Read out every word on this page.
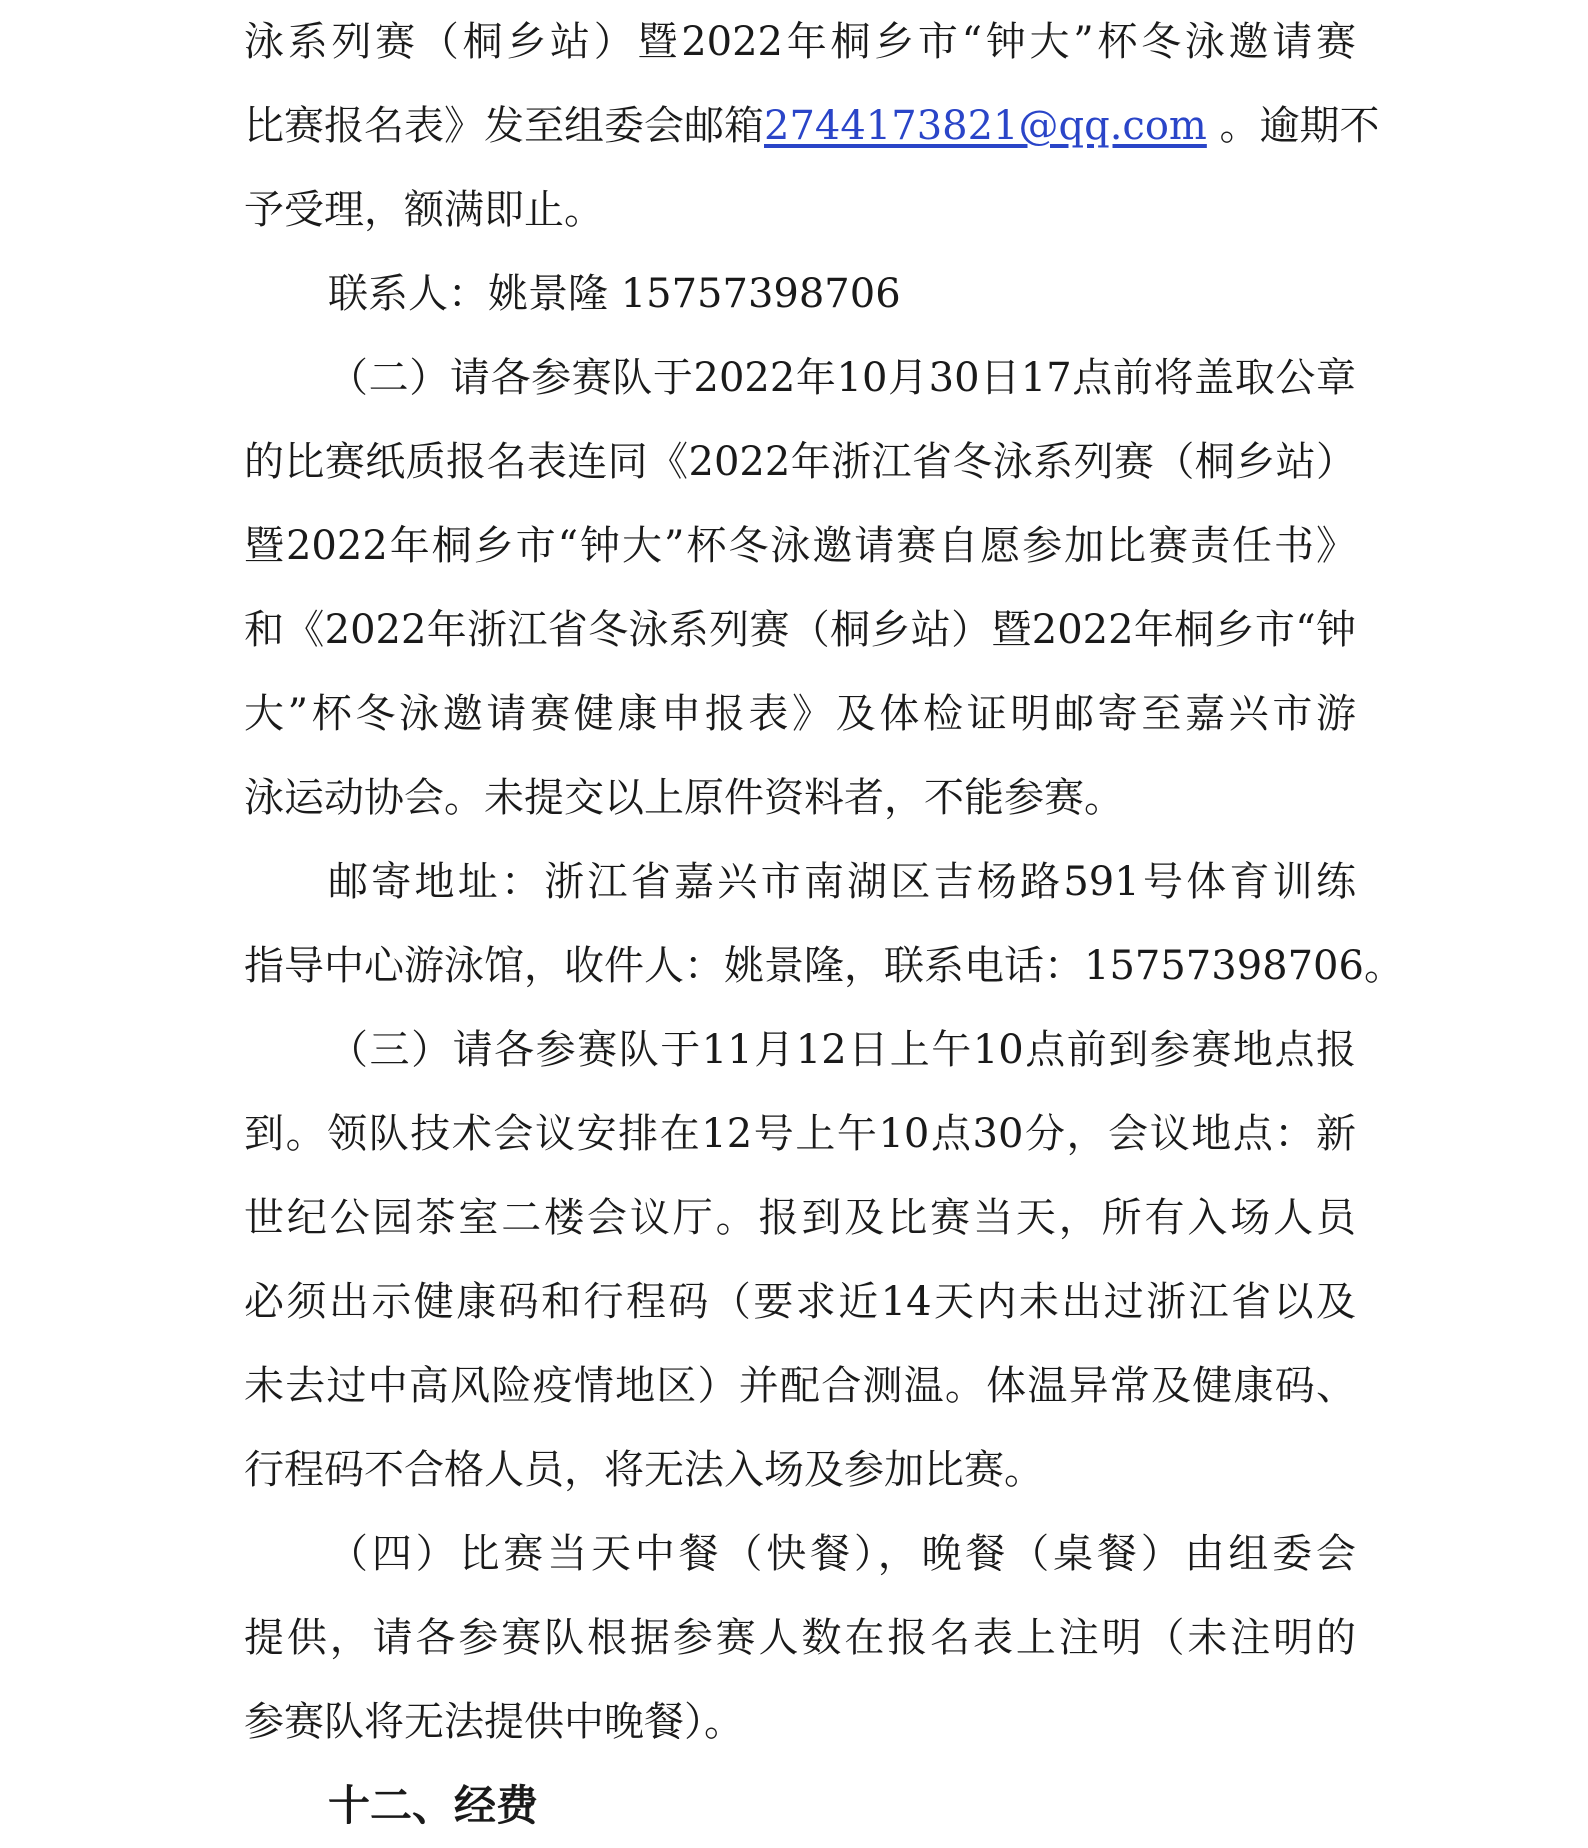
泳系列赛（桐乡站）暨2022年桐乡市“钟大”杯冬泳邀请赛
比赛报名表》发至组委会邮箱2744173821@qq.com 。逾期不
予受理，额满即止。
联系人：姚景隆 15757398706
（二）请各参赛队于2022年10月30日17点前将盖取公章
的比赛纸质报名表连同《2022年浙江省冬泳系列赛（桐乡站）
暨2022年桐乡市“钟大”杯冬泳邀请赛自愿参加比赛责任书》
和《2022年浙江省冬泳系列赛（桐乡站）暨2022年桐乡市“钟
大”杯冬泳邀请赛健康申报表》及体检证明邮寄至嘉兴市游
泳运动协会。未提交以上原件资料者，不能参赛。
邮寄地址：浙江省嘉兴市南湖区吉杨路591号体育训练
指导中心游泳馆，收件人：姚景隆，联系电话：15757398706。
（三）请各参赛队于11月12日上午10点前到参赛地点报
到。领队技术会议安排在12号上午10点30分，会议地点：新
世纪公园茶室二楼会议厅。报到及比赛当天，所有入场人员
必须出示健康码和行程码（要求近14天内未出过浙江省以及
未去过中高风险疫情地区）并配合测温。体温异常及健康码、
行程码不合格人员，将无法入场及参加比赛。
（四）比赛当天中餐（快餐），晚餐（桌餐）由组委会
提供，请各参赛队根据参赛人数在报名表上注明（未注明的
参赛队将无法提供中晚餐）。
十二、经费
